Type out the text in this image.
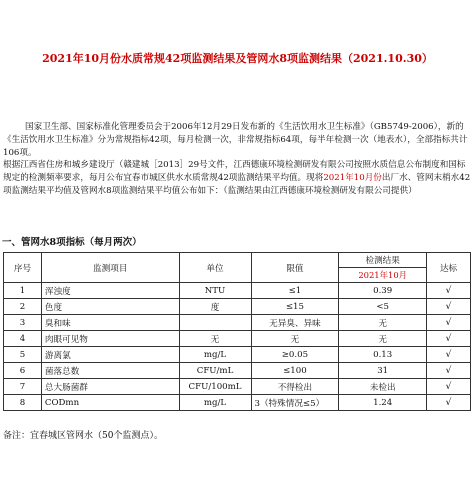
2021年10月份水质常规42项监测结果及管网水8项监测结果（2021.10.30）
国家卫生部、国家标准化管理委员会于2006年12月29日发布新的《生活饮用水卫生标准》（GB5749-2006），新的《生活饮用水卫生标准》分为常规指标42项，每月检测一次，非常规指标64项，每半年检测一次（地表水），全部指标共计106项。
根据江西省住房和城乡建设厅（赣建城［2013］29号文件，江西德康环境检测研发有限公司按照水质信息公布制度和国标规定的检测频率要求，每月公布宜春市城区供水水质常规42项监测结果平均值。现将2021年10月份出厂水、管网末梢水42项监测结果平均值及管网水8项监测结果平均值公布如下：（监测结果由江西德康环境检测研发有限公司提供）
一、管网水8项指标（每月两次）
序号	监测项目	单位	限值	检测结果	达标
				2021年10月	
1	浑浊度	NTU	≤1	0.39	√
2	色度	度	≤15	<5	√
3	臭和味		无异臭、异味	无	√
4	肉眼可见物	无	无	无	√
5	游离氯	mg/L	≥0.05	0.13	√
6	菌落总数	CFU/mL	≤100	31	√
7	总大肠菌群	CFU/100mL	不得检出	未检出	√
8	CODmn	mg/L	3（特殊情况≤5）	1.24	√
备注：宜春城区管网水（50个监测点）。
